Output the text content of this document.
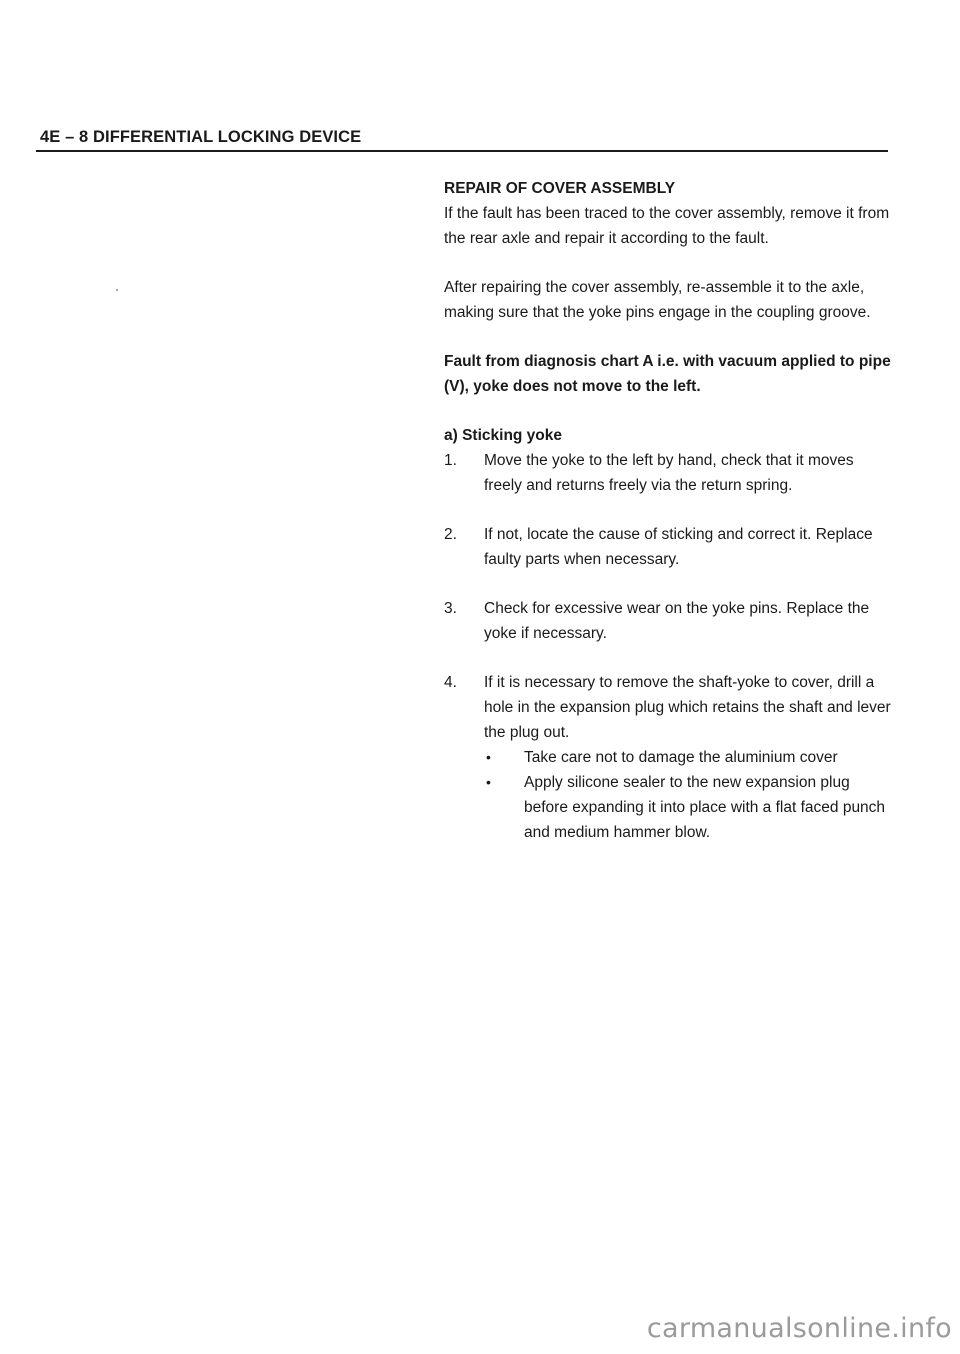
4E – 8 DIFFERENTIAL LOCKING DEVICE

REPAIR OF COVER ASSEMBLY

If the fault has been traced to the cover assembly, remove it from the rear axle and repair it according to the fault.

After repairing the cover assembly, re-assemble it to the axle, making sure that the yoke pins engage in the coupling groove.

Fault from diagnosis chart A i.e. with vacuum applied to pipe (V), yoke does not move to the left.

a) Sticking yoke

1. Move the yoke to the left by hand, check that it moves freely and returns freely via the return spring.
2. If not, locate the cause of sticking and correct it. Replace faulty parts when necessary.
3. Check for excessive wear on the yoke pins. Replace the yoke if necessary.
4. If it is necessary to remove the shaft-yoke to cover, drill a hole in the expansion plug which retains the shaft and lever the plug out.
• Take care not to damage the aluminium cover
• Apply silicone sealer to the new expansion plug before expanding it into place with a flat faced punch and medium hammer blow.
carmanualsonline.info
